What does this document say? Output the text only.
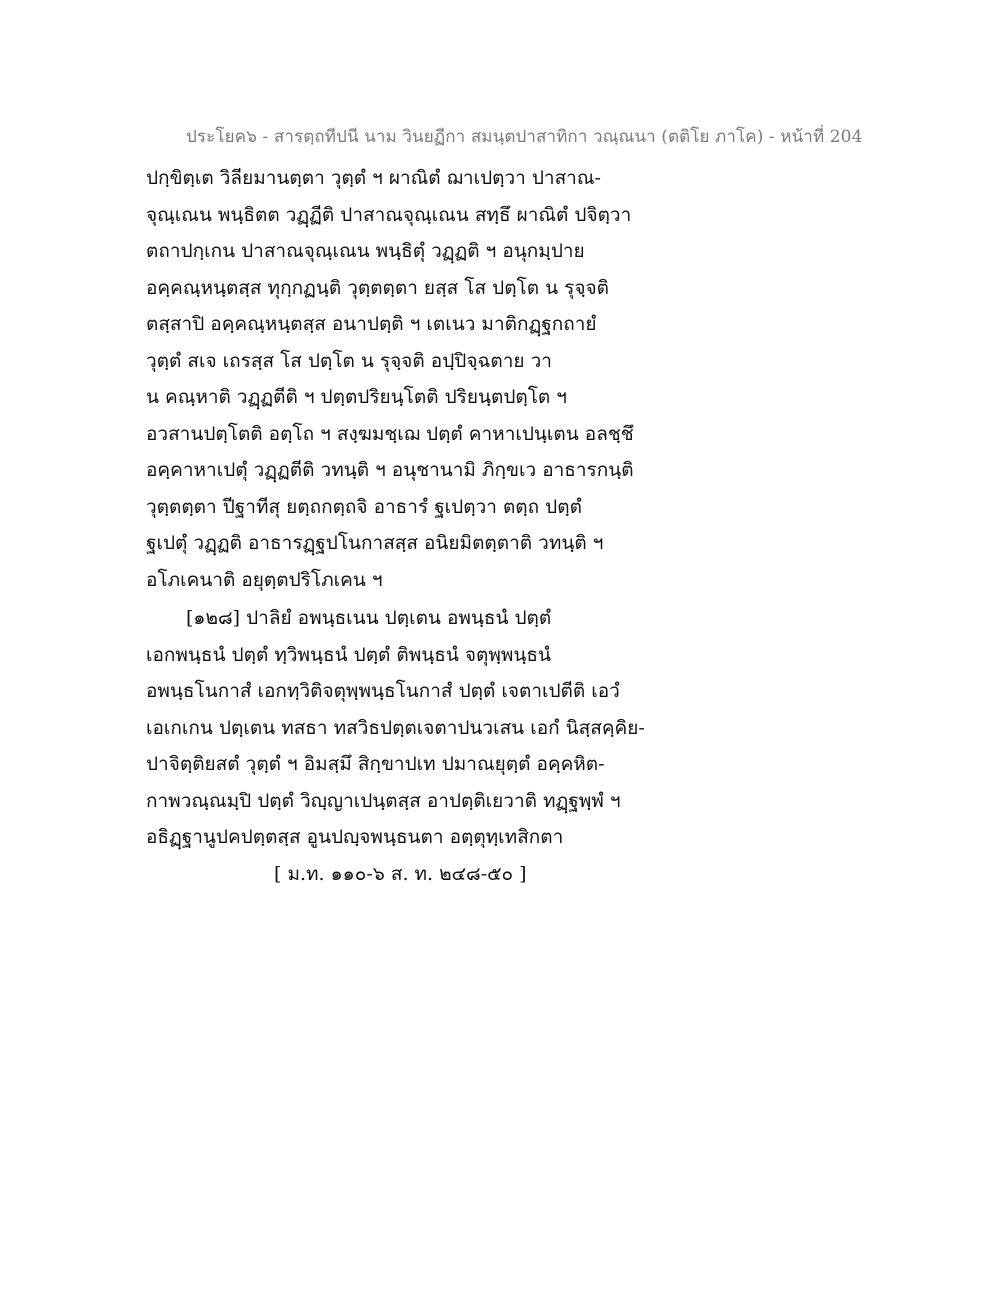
ประโยค๖ - สารตฺถทีปนี นาม วินยฏีกา สมนฺตปาสาทิกา วณฺณนา (ตติโย ภาโค) - หน้าที่ 204
ปกฺขิตฺเต วิลียมานตฺตา วุตฺตํ ฯ ผาณิตํ ฌาเปตฺวา ปาสาณ-
จุณฺเณน พนฺธิตต วฏฺฏีติ ปาสาณจุณฺเณน สทฺธึ ผาณิตํ ปจิตฺวา
ตถาปกฺเกน ปาสาณจุณฺเณน พนฺธิตุํ วฏฺฏติ ฯ อนุกมฺปาย
อคฺคณฺหนฺตสฺส ทุกฺกฏนฺติ วุตฺตตฺตา ยสฺส โส ปตฺโต น รุจฺจติ
ตสฺสาปิ อคฺคณฺหนฺตสฺส อนาปตฺติ ฯ เตเนว มาติกฏฺฐกถายํ
วุตฺตํ สเจ เถรสฺส โส ปตฺโต น รุจฺจติ อปฺปิจฺฉตาย วา
น คณฺหาติ วฏฺฏตีติ ฯ ปตฺตปริยนฺโตติ ปริยนฺตปตฺโต ฯ
อวสานปตฺโตติ อตฺโถ ฯ สงฺฆมชฺเฌ ปตฺตํ คาหาเปนฺเตน อลชฺชึ
อคฺคาหาเปตุํ วฏฺฏตีติ วทนฺติ ฯ อนุชานามิ ภิกฺขเว อาธารกนฺติ
วุตฺตตฺตา ปีฐาทีสุ ยตฺถกตฺถจิ อาธารํ ฐเปตฺวา ตตฺถ ปตฺตํ
ฐเปตุํ วฏฺฏติ อาธารฏฺฐปโนกาสสฺส อนิยมิตตฺตาติ วทนฺติ ฯ
อโภเคนาติ อยุตฺตปริโภเคน ฯ
[๑๒๘] ปาลิยํ อพนฺธเนน ปตฺเตน อพนฺธนํ ปตฺตํ
เอกพนฺธนํ ปตฺตํ ทฺวิพนฺธนํ ปตฺตํ ติพนฺธนํ จตุพฺพนฺธนํ
อพนฺธโนกาสํ เอกทฺวิติจตุพฺพนฺธโนกาสํ ปตฺตํ เจตาเปตีติ เอวํ
เอเกเกน ปตฺเตน ทสธา ทสวิธปตฺตเจตาปนวเสน เอกํ นิสฺสคฺคิย-
ปาจิตฺติยสตํ วุตฺตํ ฯ อิมสฺมึ สิกฺขาปเท ปมาณยุตฺตํ อคฺคหิต-
กาพวณฺณมฺปิ ปตฺตํ วิญฺญาเปนฺตสฺส อาปตฺติเยวาติ ทฏฺฐพฺพํ ฯ
อธิฏฺฐานูปคปตฺตสฺส อูนปญฺจพนฺธนตา อตฺตุทฺเทสิกตา
[ ม.ท. ๑๑๐-๖ ส. ท. ๒๔๘-๕๐ ]
